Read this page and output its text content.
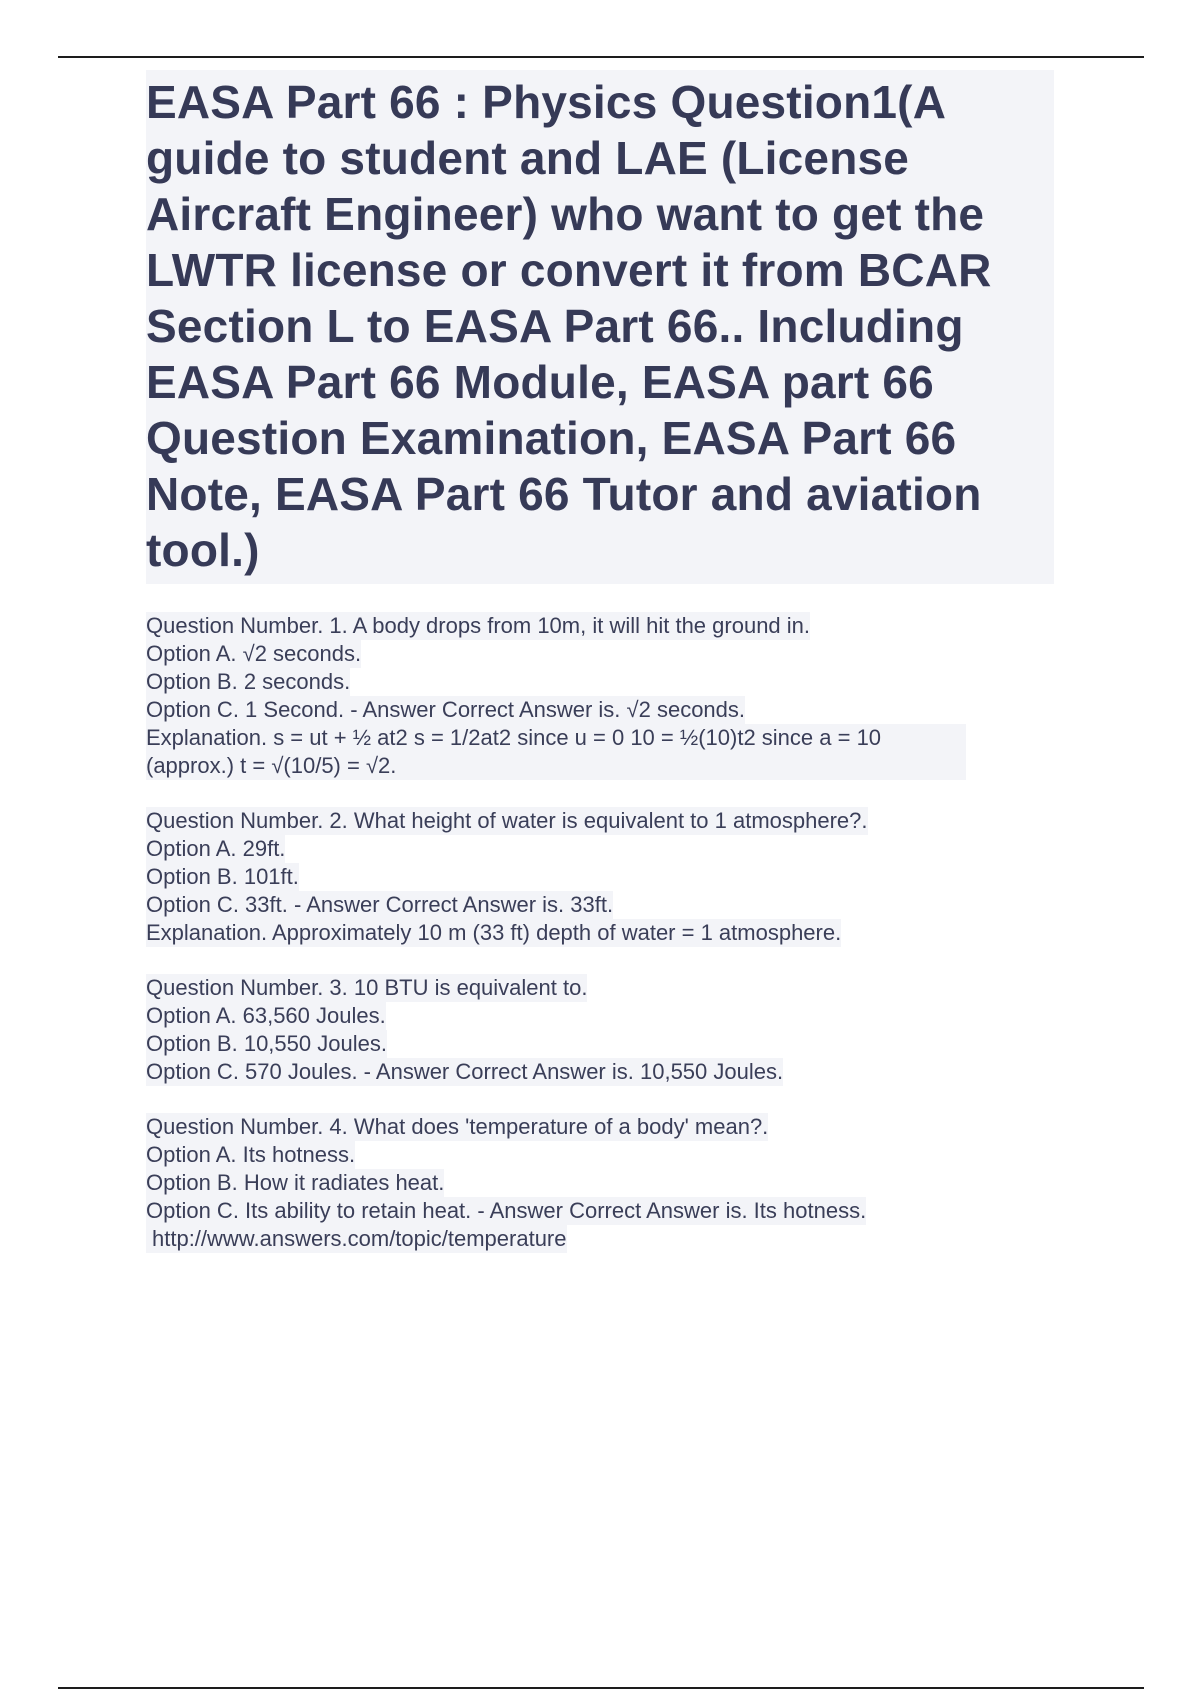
EASA Part 66 : Physics Question1(A guide to student and LAE (License Aircraft Engineer) who want to get the LWTR license or convert it from BCAR Section L to EASA Part 66.. Including EASA Part 66 Module, EASA part 66 Question Examination, EASA Part 66 Note, EASA Part 66 Tutor and aviation tool.)
Question Number. 1. A body drops from 10m, it will hit the ground in.
Option A. √2 seconds.
Option B. 2 seconds.
Option C. 1 Second. - Answer Correct Answer is. √2 seconds.
Explanation. s = ut + ½ at2 s = 1/2at2 since u = 0 10 = ½(10)t2 since a = 10 (approx.) t = √(10/5) = √2.
Question Number. 2. What height of water is equivalent to 1 atmosphere?.
Option A. 29ft.
Option B. 101ft.
Option C. 33ft. - Answer Correct Answer is. 33ft.
Explanation. Approximately 10 m (33 ft) depth of water = 1 atmosphere.
Question Number. 3. 10 BTU is equivalent to.
Option A. 63,560 Joules.
Option B. 10,550 Joules.
Option C. 570 Joules. - Answer Correct Answer is. 10,550 Joules.
Question Number. 4. What does 'temperature of a body' mean?.
Option A. Its hotness.
Option B. How it radiates heat.
Option C. Its ability to retain heat. - Answer Correct Answer is. Its hotness.
http://www.answers.com/topic/temperature
